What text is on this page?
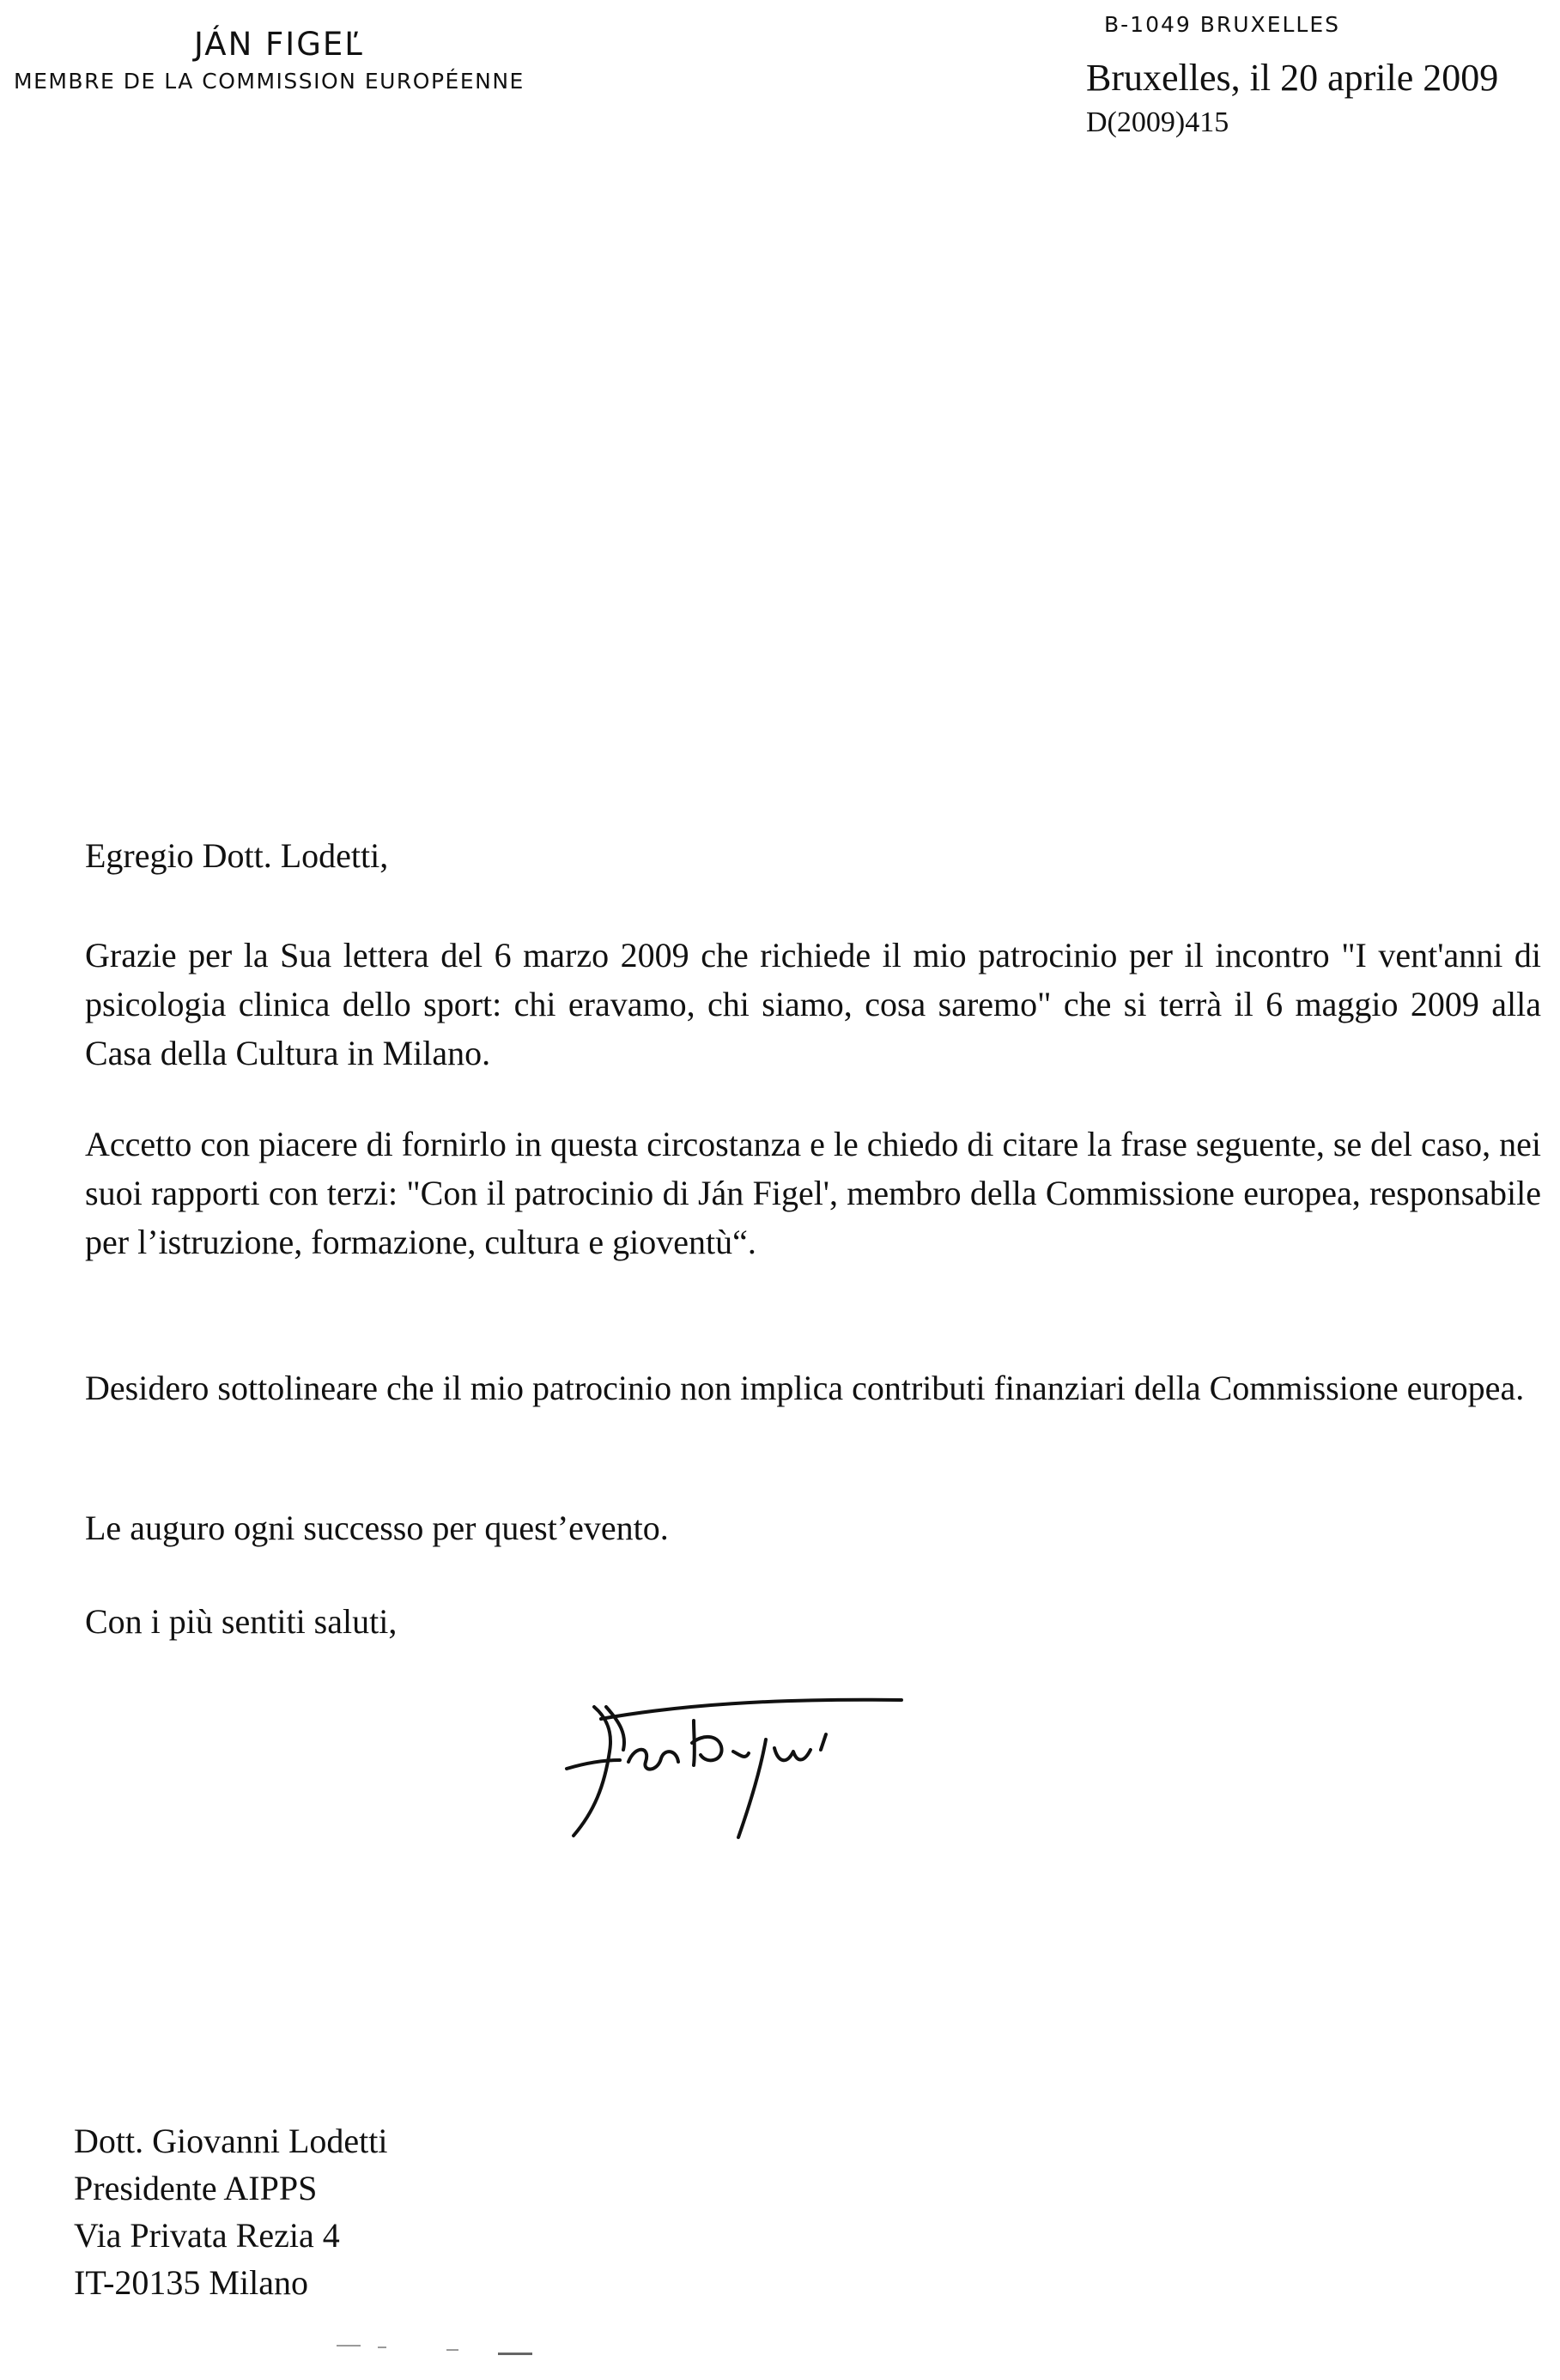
JÁN FIGEĽ
MEMBRE DE LA COMMISSION EUROPÉENNE
B-1049 BRUXELLES
Bruxelles, il 20 aprile 2009
D(2009)415
Egregio Dott. Lodetti,
Grazie per la Sua lettera del 6 marzo 2009 che richiede il mio patrocinio per il incontro "I vent'anni di psicologia clinica dello sport: chi eravamo, chi siamo, cosa saremo" che si terrà il 6 maggio 2009 alla Casa della Cultura in Milano.
Accetto con piacere di fornirlo in questa circostanza e le chiedo di citare la frase seguente, se del caso, nei suoi rapporti con terzi: "Con il patrocinio di Ján Figel', membro della Commissione europea, responsabile per l’istruzione, formazione, cultura e gioventù“.
Desidero sottolineare che il mio patrocinio non implica contributi finanziari della Commissione europea.
Le auguro ogni successo per quest’evento.
Con i più sentiti saluti,
Dott. Giovanni Lodetti
Presidente AIPPS
Via Privata Rezia 4
IT-20135 Milano
